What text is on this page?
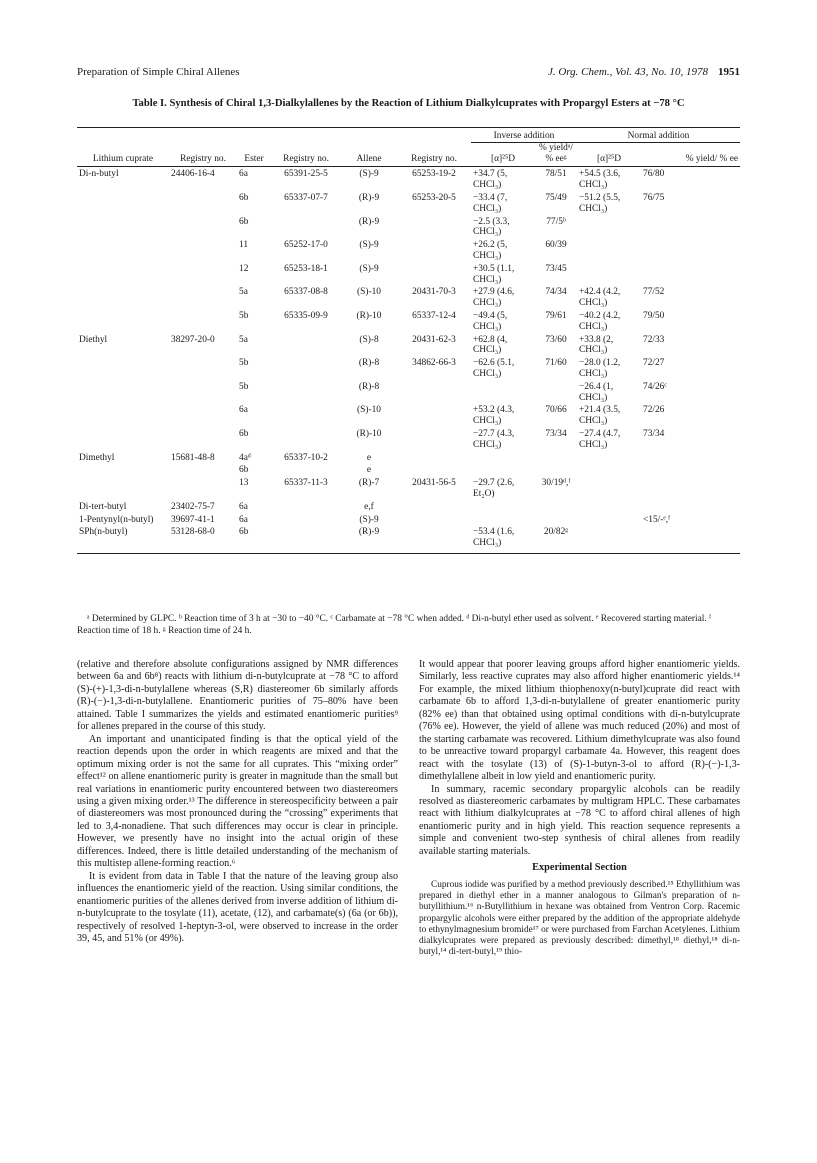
Preparation of Simple Chiral Allenes	J. Org. Chem., Vol. 43, No. 10, 1978 1951
Table I. Synthesis of Chiral 1,3-Dialkylallenes by the Reaction of Lithium Dialkylcuprates with Propargyl Esters at −78 °C
						Inverse addition		Normal addition	
Lithium cuprate	Registry no.	Ester	Registry no.	Allene	Registry no.	[α]²⁵D	% yieldᵃ/ % eeᵍ	[α]²⁵D	% yield/ % ee
Di-n-butyl	24406-16-4	6a	65391-25-5	(S)-9	65253-19-2	+34.7 (5, CHCl₃)	78/51	+54.5 (3.6, CHCl₃)	76/80
		6b	65337-07-7	(R)-9	65253-20-5	−33.4 (7, CHCl₃)	75/49	−51.2 (5.5, CHCl₃)	76/75
		6b		(R)-9		−2.5 (3.3, CHCl₃)	77/5ᵇ		
		11	65252-17-0	(S)-9		+26.2 (5, CHCl₃)	60/39		
		12	65253-18-1	(S)-9		+30.5 (1.1, CHCl₃)	73/45		
		5a	65337-08-8	(S)-10	20431-70-3	+27.9 (4.6, CHCl₃)	74/34	+42.4 (4.2, CHCl₃)	77/52
		5b	65335-09-9	(R)-10	65337-12-4	−49.4 (5, CHCl₃)	79/61	−40.2 (4.2, CHCl₃)	79/50
Diethyl	38297-20-0	5a		(S)-8	20431-62-3	+62.8 (4, CHCl₃)	73/60	+33.8 (2, CHCl₃)	72/33
		5b		(R)-8	34862-66-3	−62.6 (5.1, CHCl₃)	71/60	−28.0 (1.2, CHCl₃)	72/27
		5b		(R)-8				−26.4 (1, CHCl₃)	74/26ᶜ
		6a		(S)-10		+53.2 (4.3, CHCl₃)	70/66	+21.4 (3.5, CHCl₃)	72/26
		6b		(R)-10		−27.7 (4.3, CHCl₃)	73/34	−27.4 (4.7, CHCl₃)	73/34
Dimethyl	15681-48-8	4aᵈ	65337-10-2	e					
		6b		e					
		13	65337-11-3	(R)-7	20431-56-5	−29.7 (2.6, Et₂O)	30/19ᵈ,ᶠ		
Di-tert-butyl	23402-75-7	6a		e,f					
1-Pentynyl(n-butyl)	39697-41-1	6a		(S)-9					<15/-ᵉ,ᶠ
SPh(n-butyl)	53128-68-0	6b		(R)-9		−53.4 (1.6, CHCl₃)	20/82ᵍ		
ᵃ Determined by GLPC. ᵇ Reaction time of 3 h at −30 to −40 °C. ᶜ Carbamate at −78 °C when added. ᵈ Di-n-butyl ether used as solvent. ᵉ Recovered starting material. ᶠ Reaction time of 18 h. ᵍ Reaction time of 24 h.

(relative and therefore absolute configurations assigned by NMR differences between 6a and 6b⁸) reacts with lithium di-n-butylcuprate at −78 °C to afford (S)-(+)-1,3-di-n-butylallene whereas (S,R) diastereomer 6b similarly affords (R)-(−)-1,3-di-n-butylallene. Enantiomeric purities of 75–80% have been attained. Table I summarizes the yields and estimated enantiomeric purities⁹ for allenes prepared in the course of this study.

An important and unanticipated finding is that the optical yield of the reaction depends upon the order in which reagents are mixed and that the optimum mixing order is not the same for all cuprates. This “mixing order” effect¹² on allene enantiomeric purity is greater in magnitude than the small but real variations in enantiomeric purity encountered between two diastereomers using a given mixing order.¹³ The difference in stereospecificity between a pair of diastereomers was most pronounced during the “crossing” experiments that led to 3,4-nonadiene. That such differences may occur is clear in principle. However, we presently have no insight into the actual origin of these differences. Indeed, there is little detailed understanding of the mechanism of this multistep allene-forming reaction.⁶

It is evident from data in Table I that the nature of the leaving group also influences the enantiomeric yield of the reaction. Using similar conditions, the enantiomeric purities of the allenes derived from inverse addition of lithium di-n-butylcuprate to the tosylate (11), acetate, (12), and carbamate(s) (6a (or 6b)), respectively of resolved 1-heptyn-3-ol, were observed to increase in the order 39, 45, and 51% (or 49%).

It would appear that poorer leaving groups afford higher enantiomeric yields. Similarly, less reactive cuprates may also afford higher enantiomeric yields.¹⁴ For example, the mixed lithium thiophenoxy(n-butyl)cuprate did react with carbamate 6b to afford 1,3-di-n-butylallene of greater enantiomeric purity (82% ee) than that obtained using optimal conditions with di-n-butylcuprate (76% ee). However, the yield of allene was much reduced (20%) and most of the starting carbamate was recovered. Lithium dimethylcuprate was also found to be unreactive toward propargyl carbamate 4a. However, this reagent does react with the tosylate (13) of (S)-1-butyn-3-ol to afford (R)-(−)-1,3-dimethylallene albeit in low yield and enantiomeric purity.

In summary, racemic secondary propargylic alcohols can be readily resolved as diastereomeric carbamates by multigram HPLC. These carbamates react with lithium dialkylcuprates at −78 °C to afford chiral allenes of high enantiomeric purity and in high yield. This reaction sequence represents a simple and convenient two-step synthesis of chiral allenes from readily available starting materials.

Experimental Section

Cuprous iodide was purified by a method previously described.¹⁵ Ethyllithium was prepared in diethyl ether in a manner analogous to Gilman's preparation of n-butyllithium.¹⁶ n-Butyllithium in hexane was obtained from Ventron Corp. Racemic propargylic alcohols were either prepared by the addition of the appropriate aldehyde to ethynylmagnesium bromide¹⁷ or were purchased from Farchan Acetylenes. Lithium dialkylcuprates were prepared as previously described: dimethyl,¹⁸ diethyl,¹⁸ di-n-butyl,¹⁴ di-tert-butyl,¹⁹ thio-
